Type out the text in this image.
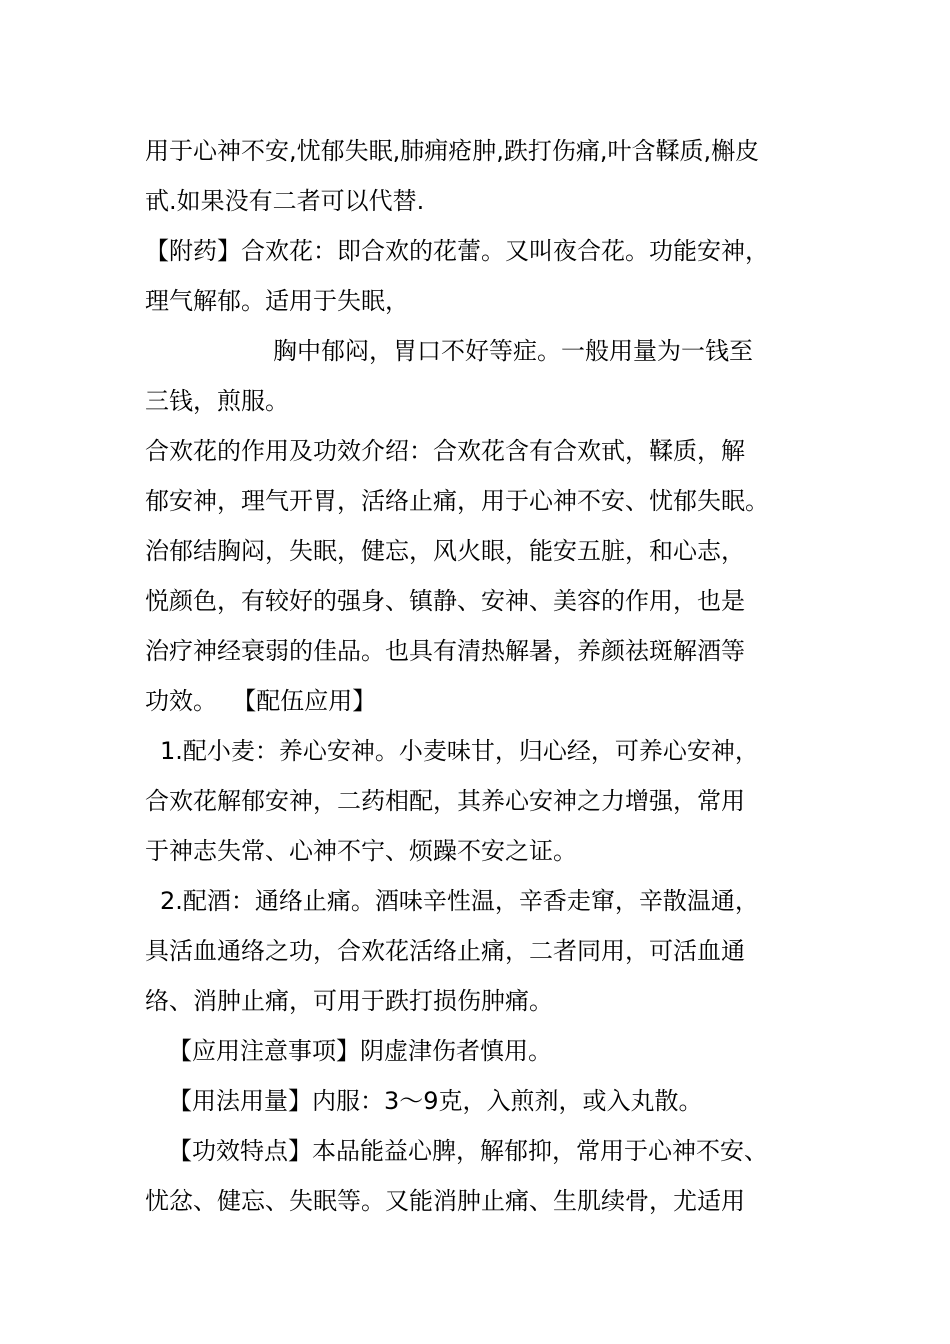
用于心神不安,忧郁失眠,肺痈疮肿,跌打伤痛,叶含鞣质,槲皮
甙.如果没有二者可以代替.
【附药】合欢花：即合欢的花蕾。又叫夜合花。功能安神，
理气解郁。适用于失眠，
胸中郁闷，胃口不好等症。一般用量为一钱至
三钱，煎服。
合欢花的作用及功效介绍：合欢花含有合欢甙，鞣质，解
郁安神，理气开胃，活络止痛，用于心神不安、忧郁失眠。
治郁结胸闷，失眠，健忘，风火眼，能安五脏，和心志，
悦颜色，有较好的强身、镇静、安神、美容的作用，也是
治疗神经衰弱的佳品。也具有清热解暑，养颜祛斑解酒等
功效。  【配伍应用】
1.配小麦：养心安神。小麦味甘，归心经，可养心安神，
合欢花解郁安神，二药相配，其养心安神之力增强，常用
于神志失常、心神不宁、烦躁不安之证。
2.配酒：通络止痛。酒味辛性温，辛香走窜，辛散温通，
具活血通络之功，合欢花活络止痛，二者同用，可活血通
络、消肿止痛，可用于跌打损伤肿痛。
【应用注意事项】阴虚津伤者慎用。
【用法用量】内服：3～9克，入煎剂，或入丸散。
【功效特点】本品能益心脾，解郁抑，常用于心神不安、
忧忿、健忘、失眠等。又能消肿止痛、生肌续骨，尤适用
